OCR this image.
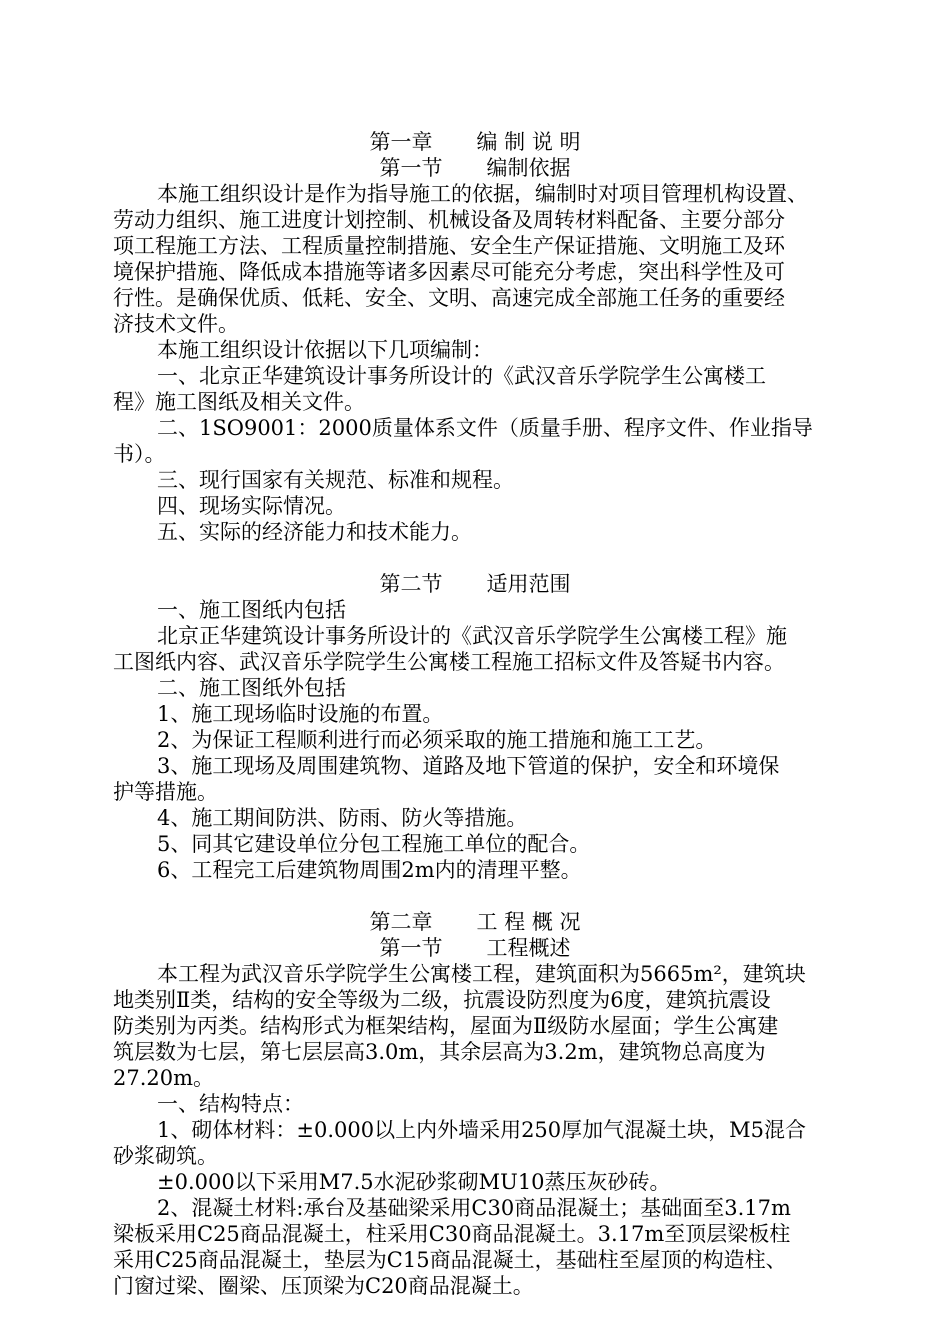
第一章 编 制 说 明
第一节 编制依据
本施工组织设计是作为指导施工的依据，编制时对项目管理机构设置、
劳动力组织、施工进度计划控制、机械设备及周转材料配备、主要分部分
项工程施工方法、工程质量控制措施、安全生产保证措施、文明施工及环
境保护措施、降低成本措施等诸多因素尽可能充分考虑，突出科学性及可
行性。是确保优质、低耗、安全、文明、高速完成全部施工任务的重要经
济技术文件。
本施工组织设计依据以下几项编制：
一、北京正华建筑设计事务所设计的《武汉音乐学院学生公寓楼工
程》施工图纸及相关文件。
二、1SO9001：2000质量体系文件（质量手册、程序文件、作业指导
书）。
三、现行国家有关规范、标准和规程。
四、现场实际情况。
五、实际的经济能力和技术能力。
第二节 适用范围
一、施工图纸内包括
北京正华建筑设计事务所设计的《武汉音乐学院学生公寓楼工程》施
工图纸内容、武汉音乐学院学生公寓楼工程施工招标文件及答疑书内容。
二、施工图纸外包括
1、施工现场临时设施的布置。
2、为保证工程顺利进行而必须采取的施工措施和施工工艺。
3、施工现场及周围建筑物、道路及地下管道的保护，安全和环境保
护等措施。
4、施工期间防洪、防雨、防火等措施。
5、同其它建设单位分包工程施工单位的配合。
6、工程完工后建筑物周围2m内的清理平整。
第二章 工 程 概 况
第一节 工程概述
本工程为武汉音乐学院学生公寓楼工程，建筑面积为5665m²，建筑块
地类别Ⅱ类，结构的安全等级为二级，抗震设防烈度为6度，建筑抗震设
防类别为丙类。结构形式为框架结构，屋面为Ⅱ级防水屋面；学生公寓建
筑层数为七层，第七层层高3.0m，其余层高为3.2m，建筑物总高度为
27.20m。
一、结构特点：
1、砌体材料：±0.000以上内外墙采用250厚加气混凝土块，M5混合
砂浆砌筑。
±0.000以下采用M7.5水泥砂浆砌MU10蒸压灰砂砖。
2、混凝土材料:承台及基础梁采用C30商品混凝土；基础面至3.17m
梁板采用C25商品混凝土，柱采用C30商品混凝土。3.17m至顶层梁板柱
采用C25商品混凝土，垫层为C15商品混凝土，基础柱至屋顶的构造柱、
门窗过梁、圈梁、压顶梁为C20商品混凝土。
